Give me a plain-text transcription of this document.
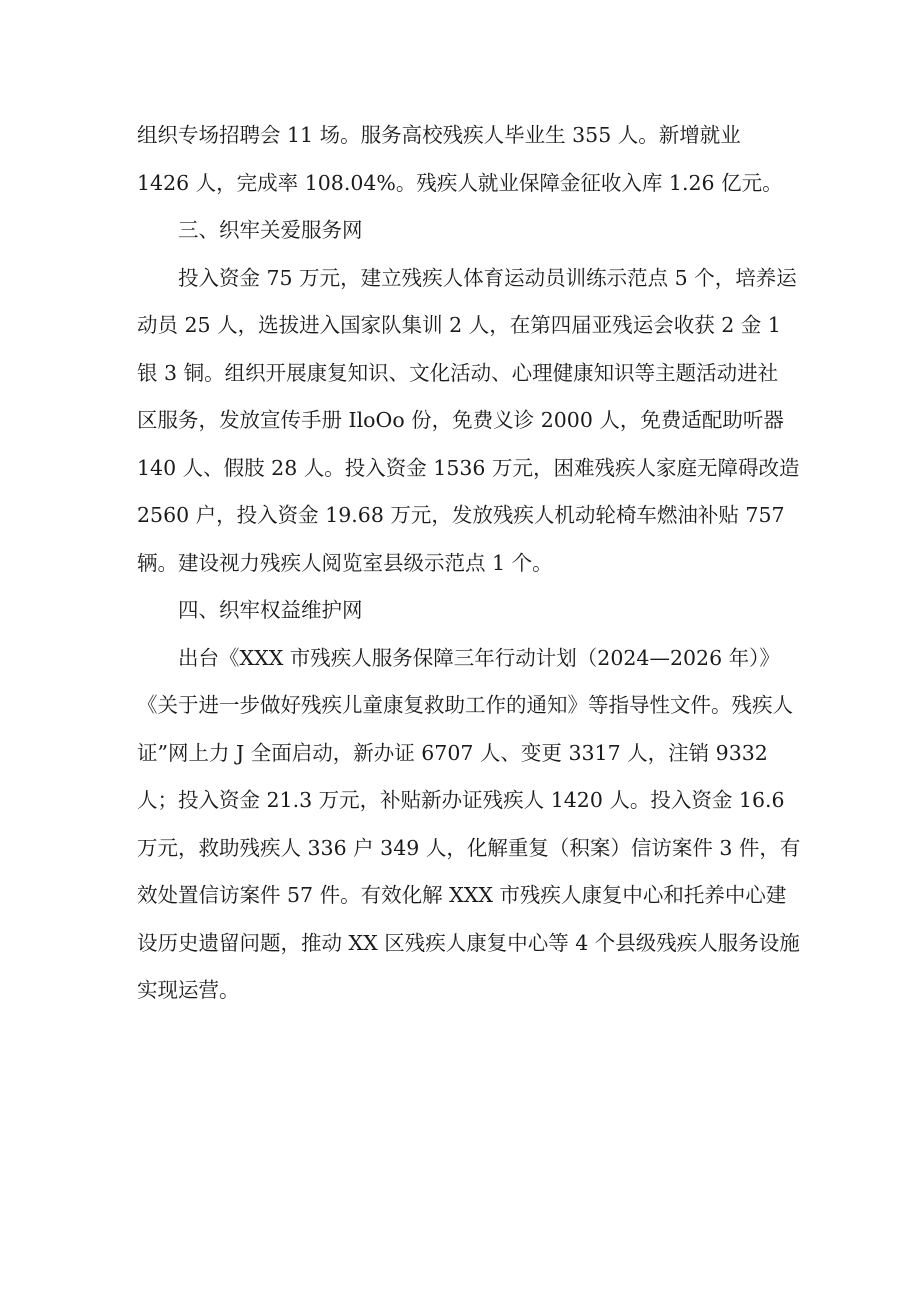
组织专场招聘会 11 场。服务高校残疾人毕业生 355 人。新增就业
1426 人，完成率 108.04%。残疾人就业保障金征收入库 1.26 亿元。
三、织牢关爱服务网
投入资金 75 万元，建立残疾人体育运动员训练示范点 5 个，培养运
动员 25 人，选拔进入国家队集训 2 人，在第四届亚残运会收获 2 金 1
银 3 铜。组织开展康复知识、文化活动、心理健康知识等主题活动进社
区服务，发放宣传手册 IloOo 份，免费义诊 2000 人，免费适配助听器
140 人、假肢 28 人。投入资金 1536 万元，困难残疾人家庭无障碍改造
2560 户，投入资金 19.68 万元，发放残疾人机动轮椅车燃油补贴 757
辆。建设视力残疾人阅览室县级示范点 1 个。
四、织牢权益维护网
出台《XXX 市残疾人服务保障三年行动计划（2024—2026 年）》
《关于进一步做好残疾儿童康复救助工作的通知》等指导性文件。残疾人
证”网上力 J 全面启动，新办证 6707 人、变更 3317 人，注销 9332
人；投入资金 21.3 万元，补贴新办证残疾人 1420 人。投入资金 16.6
万元，救助残疾人 336 户 349 人，化解重复（积案）信访案件 3 件，有
效处置信访案件 57 件。有效化解 XXX 市残疾人康复中心和托养中心建
设历史遗留问题，推动 XX 区残疾人康复中心等 4 个县级残疾人服务设施
实现运营。
